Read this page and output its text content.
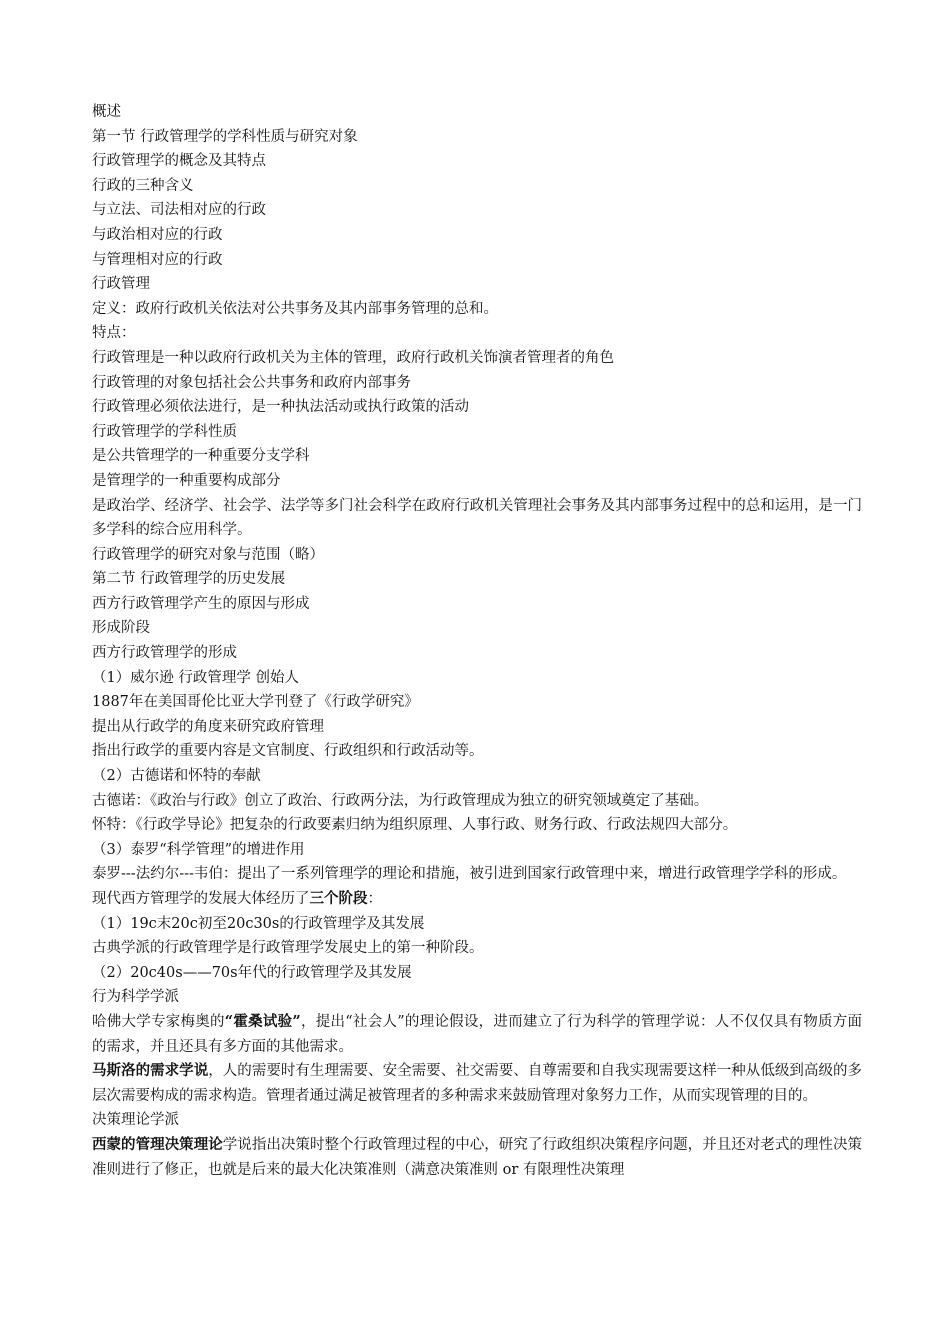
概述

第一节 行政管理学的学科性质与研究对象

行政管理学的概念及其特点

行政的三种含义

与立法、司法相对应的行政

与政治相对应的行政

与管理相对应的行政

行政管理

定义：政府行政机关依法对公共事务及其内部事务管理的总和。

特点：

行政管理是一种以政府行政机关为主体的管理，政府行政机关饰演者管理者的角色

行政管理的对象包括社会公共事务和政府内部事务

行政管理必须依法进行，是一种执法活动或执行政策的活动

行政管理学的学科性质

是公共管理学的一种重要分支学科

是管理学的一种重要构成部分

是政治学、经济学、社会学、法学等多门社会科学在政府行政机关管理社会事务及其内部事务过程中的总和运用，是一门多学科的综合应用科学。

行政管理学的研究对象与范围（略）

第二节 行政管理学的历史发展

西方行政管理学产生的原因与形成

形成阶段

西方行政管理学的形成

（1）威尔逊 行政管理学 创始人

1887年在美国哥伦比亚大学刊登了《行政学研究》

提出从行政学的角度来研究政府管理

指出行政学的重要内容是文官制度、行政组织和行政活动等。

（2）古德诺和怀特的奉献

古德诺：《政治与行政》创立了政治、行政两分法，为行政管理成为独立的研究领域奠定了基础。

怀特：《行政学导论》把复杂的行政要素归纳为组织原理、人事行政、财务行政、行政法规四大部分。

（3）泰罗“科学管理”的增进作用

泰罗---法约尔---韦伯：提出了一系列管理学的理论和措施，被引进到国家行政管理中来，增进行政管理学学科的形成。

现代西方管理学的发展大体经历了三个阶段：

（1）19c末20c初至20c30s的行政管理学及其发展

古典学派的行政管理学是行政管理学发展史上的第一种阶段。

（2）20c40s——70s年代的行政管理学及其发展

行为科学学派

哈佛大学专家梅奥的“霍桑试验”，提出“社会人”的理论假设，进而建立了行为科学的管理学说：人不仅仅具有物质方面的需求，并且还具有多方面的其他需求。

马斯洛的需求学说，人的需要时有生理需要、安全需要、社交需要、自尊需要和自我实现需要这样一种从低级到高级的多层次需要构成的需求构造。管理者通过满足被管理者的多种需求来鼓励管理对象努力工作，从而实现管理的目的。

决策理论学派

西蒙的管理决策理论学说指出决策时整个行政管理过程的中心，研究了行政组织决策程序问题，并且还对老式的理性决策准则进行了修正，也就是后来的最大化决策准则（满意决策准则 or 有限理性决策理
